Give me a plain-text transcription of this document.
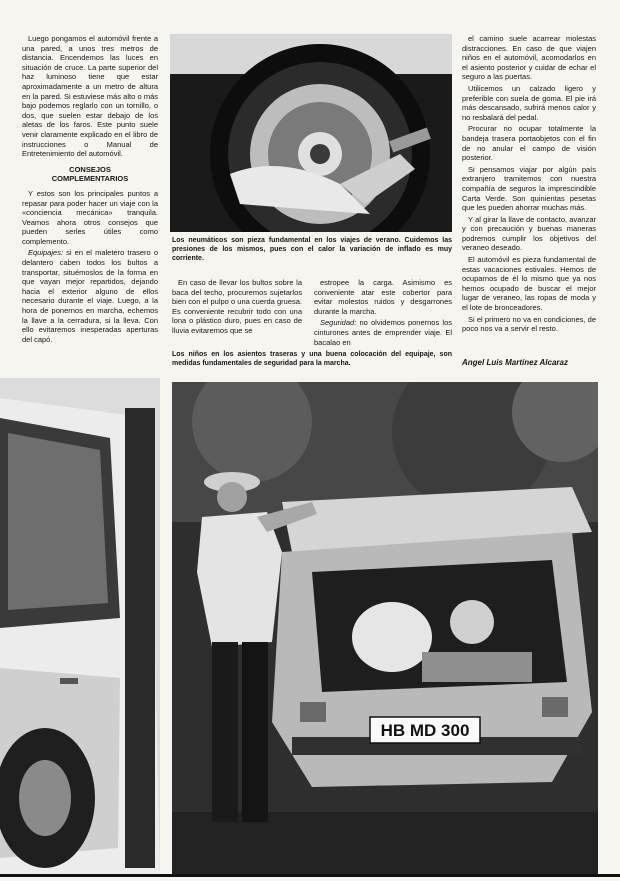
Luego pongamos el automóvil frente a una pared, a unos tres metros de distancia. Encendemos las luces en situación de cruce. La parte superior del haz luminoso tiene que estar aproximadamente a un metro de altura en la pared. Si estuviese más alto o más bajo podemos reglarlo con un tornillo, o dos, que suelen estar debajo de los aletas de los faros. Este punto suele venir claramente explicado en el libro de instrucciones o Manual de Entretenimiento del automóvil.

CONSEJOS
COMPLEMENTARIOS

Y estos son los principales puntos a repasar para poder hacer un viaje con la «conciencia mecánica» tranquila. Veamos ahora otros consejos que pueden serles útiles como complemento.

Equipajes: si en el maletero trasero o delantero caben todos los bultos a transportar, situémoslos de la forma en que vayan mejor repartidos, dejando hacia el exterior alguno de ellos necesario durante el viaje. Luego, a la hora de ponernos en marcha, echemos la llave a la cerradura, si la lleva. Con ello evitaremos inesperadas aperturas del capó.

Los neumáticos son pieza fundamental en los viajes de verano. Cuidemos las presiones de los mismos, pues con el calor la variación de inflado es muy corriente.

En caso de llevar los bultos sobre la baca del techo, procuremos sujetarlos bien con el pulpo o una cuerda gruesa. Es conveniente recubrir todo con una lona o plástico duro, pues en caso de lluvia evitaremos que se

estropee la carga. Asimismo es conveniente atar este cobertor para evitar molestos ruidos y desgarrones durante la marcha.

Seguridad: no olvidemos ponernos los cinturones antes de emprender viaje. El bacalao en

Los niños en los asientos traseras y una buena colocación del equipaje, son medidas fundamentales de seguridad para la marcha.

el camino suele acarrear molestas distracciones. En caso de que viajen niños en el automóvil, acomodarlos en el asiento posterior y cuidar de echar el seguro a las puertas.

Utilicemos un calzado ligero y preferible con suela de goma. El pie irá más descansado, sufrirá menos calor y no resbalará del pedal.

Procurar no ocupar totalmente la bandeja trasera portaobjetos con el fin de no anular el campo de visión posterior.

Si pensamos viajar por algún país extranjero tramitemos con nuestra compañía de seguros la imprescindible Carta Verde. Son quinientas pesetas que les pueden ahorrar muchas más.

Y al girar la llave de contacto, avanzar y con precaución y buenas maneras podremos cumplir los objetivos del veraneo deseado.

El automóvil es pieza fundamental de estas vacaciones estivales. Hemos de ocuparnos de él lo mismo que ya nos hemos ocupado de buscar el mejor lugar de veraneo, las ropas de moda y el lote de bronceadores.

Si el primero no va en condiciones, de poco nos va a servir el resto.

Angel Luis Martínez Alcaraz
HB MD 300
